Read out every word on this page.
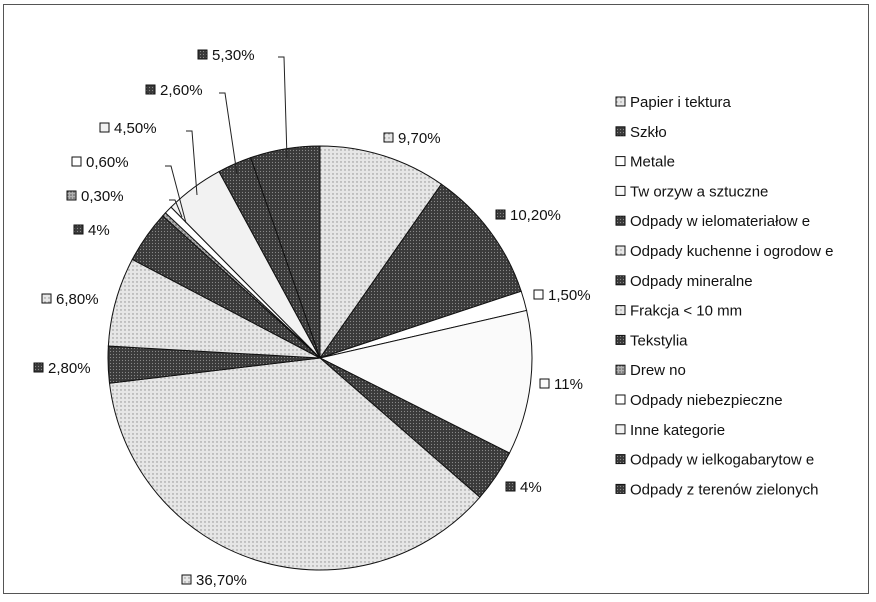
9,70%
10,20%
1,50%
11%
4%
36,70%
2,80%
6,80%
4%
0,30%
0,60%
4,50%
2,60%
5,30%
Papier i tektura
Szkło
Metale
Tw orzyw a sztuczne
Odpady w ielomateriałow e
Odpady kuchenne i ogrodow e
Odpady mineralne
Frakcja < 10 mm
Tekstylia
Drew no
Odpady niebezpieczne
Inne kategorie
Odpady w ielkogabarytow e
Odpady z terenów zielonych
